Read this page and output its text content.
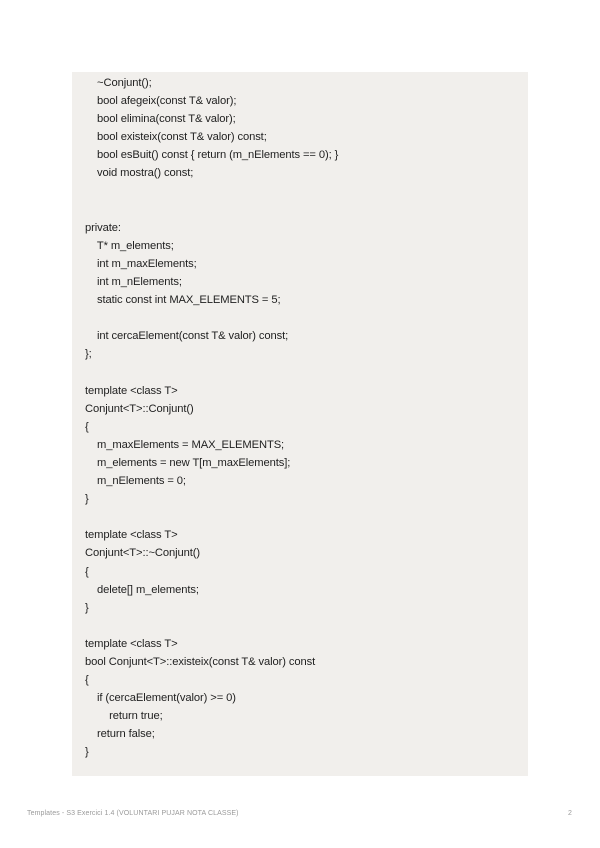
~Conjunt();
bool afegeix(const T& valor);
bool elimina(const T& valor);
bool existeix(const T& valor) const;
bool esBuit() const { return (m_nElements == 0); }
void mostra() const;
private:
T* m_elements;
int m_maxElements;
int m_nElements;
static const int MAX_ELEMENTS = 5;
int cercaElement(const T& valor) const;
};
template <class T>
Conjunt<T>::Conjunt()
{
m_maxElements = MAX_ELEMENTS;
m_elements = new T[m_maxElements];
m_nElements = 0;
}
template <class T>
Conjunt<T>::~Conjunt()
{
delete[] m_elements;
}
template <class T>
bool Conjunt<T>::existeix(const T& valor) const
{
if (cercaElement(valor) >= 0)
return true;
return false;
}
Templates - S3 Exercici 1.4 (VOLUNTARI PUJAR NOTA CLASSE)	2
